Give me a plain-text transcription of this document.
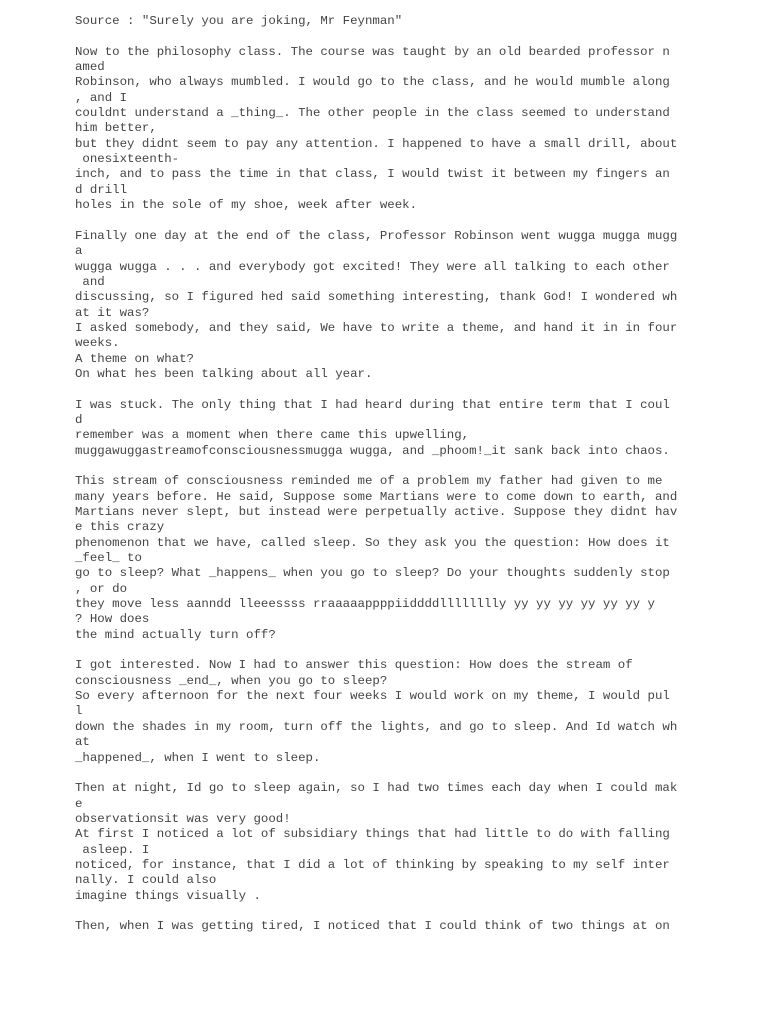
Source : "Surely you are joking, Mr Feynman"
Now to the philosophy class. The course was taught by an old bearded professor n
amed
Robinson, who always mumbled. I would go to the class, and he would mumble along
, and I
couldnt understand a _thing_. The other people in the class seemed to understand
him better,
but they didnt seem to pay any attention. I happened to have a small drill, about
onesixteenth-
inch, and to pass the time in that class, I would twist it between my fingers an
d drill
holes in the sole of my shoe, week after week.
Finally one day at the end of the class, Professor Robinson went wugga mugga mugg
a
wugga wugga . . . and everybody got excited! They were all talking to each other
and
discussing, so I figured hed said something interesting, thank God! I wondered wh
at it was?
I asked somebody, and they said, We have to write a theme, and hand it in in four
weeks.
A theme on what?
On what hes been talking about all year.
I was stuck. The only thing that I had heard during that entire term that I coul
d
remember was a moment when there came this upwelling,
muggawuggastreamofconsciousnessmugga wugga, and _phoom!_it sank back into chaos.
This stream of consciousness reminded me of a problem my father had given to me
many years before. He said, Suppose some Martians were to come down to earth, and
Martians never slept, but instead were perpetually active. Suppose they didnt hav
e this crazy
phenomenon that we have, called sleep. So they ask you the question: How does it
_feel_ to
go to sleep? What _happens_ when you go to sleep? Do your thoughts suddenly stop
, or do
they move less aanndd lleeessss rraaaaappppiiddddlllllllly yy yy yy yy yy yy y
? How does
the mind actually turn off?
I got interested. Now I had to answer this question: How does the stream of
consciousness _end_, when you go to sleep?
So every afternoon for the next four weeks I would work on my theme, I would pul
l
down the shades in my room, turn off the lights, and go to sleep. And Id watch wh
at
_happened_, when I went to sleep.
Then at night, Id go to sleep again, so I had two times each day when I could mak
e
observationsit was very good!
At first I noticed a lot of subsidiary things that had little to do with falling
asleep. I
noticed, for instance, that I did a lot of thinking by speaking to my self inter
nally. I could also
imagine things visually .
Then, when I was getting tired, I noticed that I could think of two things at on
